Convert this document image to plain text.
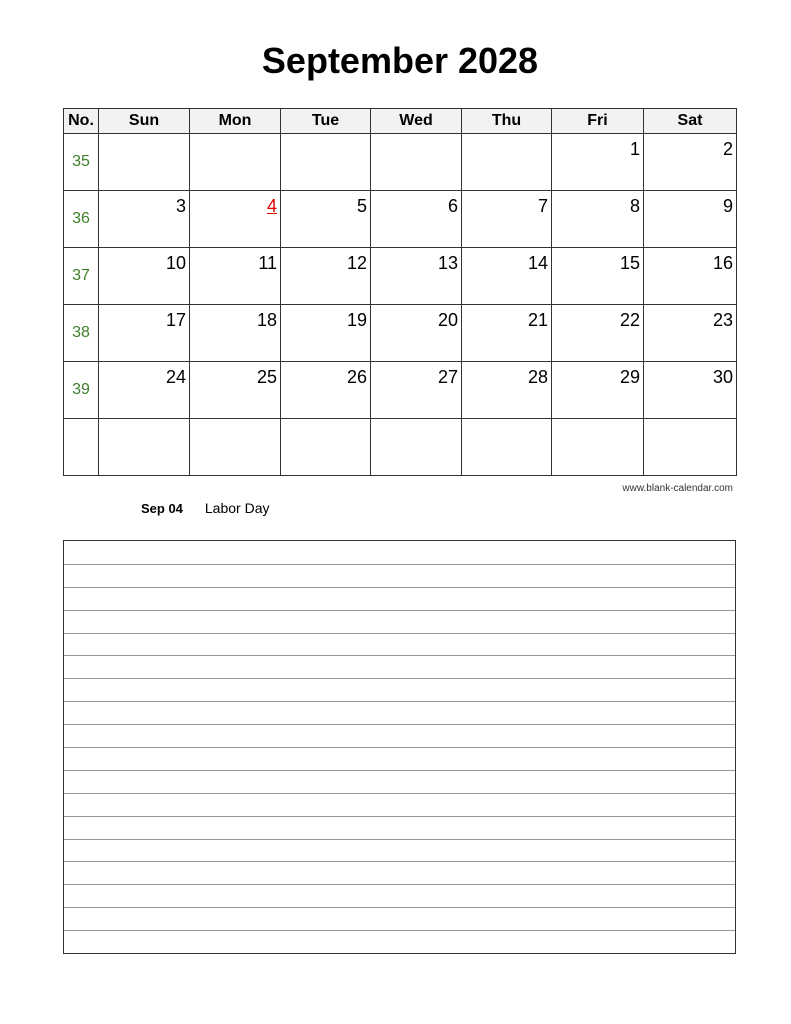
September 2028
No.	Sun	Mon	Tue	Wed	Thu	Fri	Sat
35						1	2

36	3	4	5	6	7	8	9

37	10	11	12	13	14	15	16

38	17	18	19	20	21	22	23

39	24	25	26	27	28	29	30

www.blank-calendar.com
Sep 04 Labor Day
